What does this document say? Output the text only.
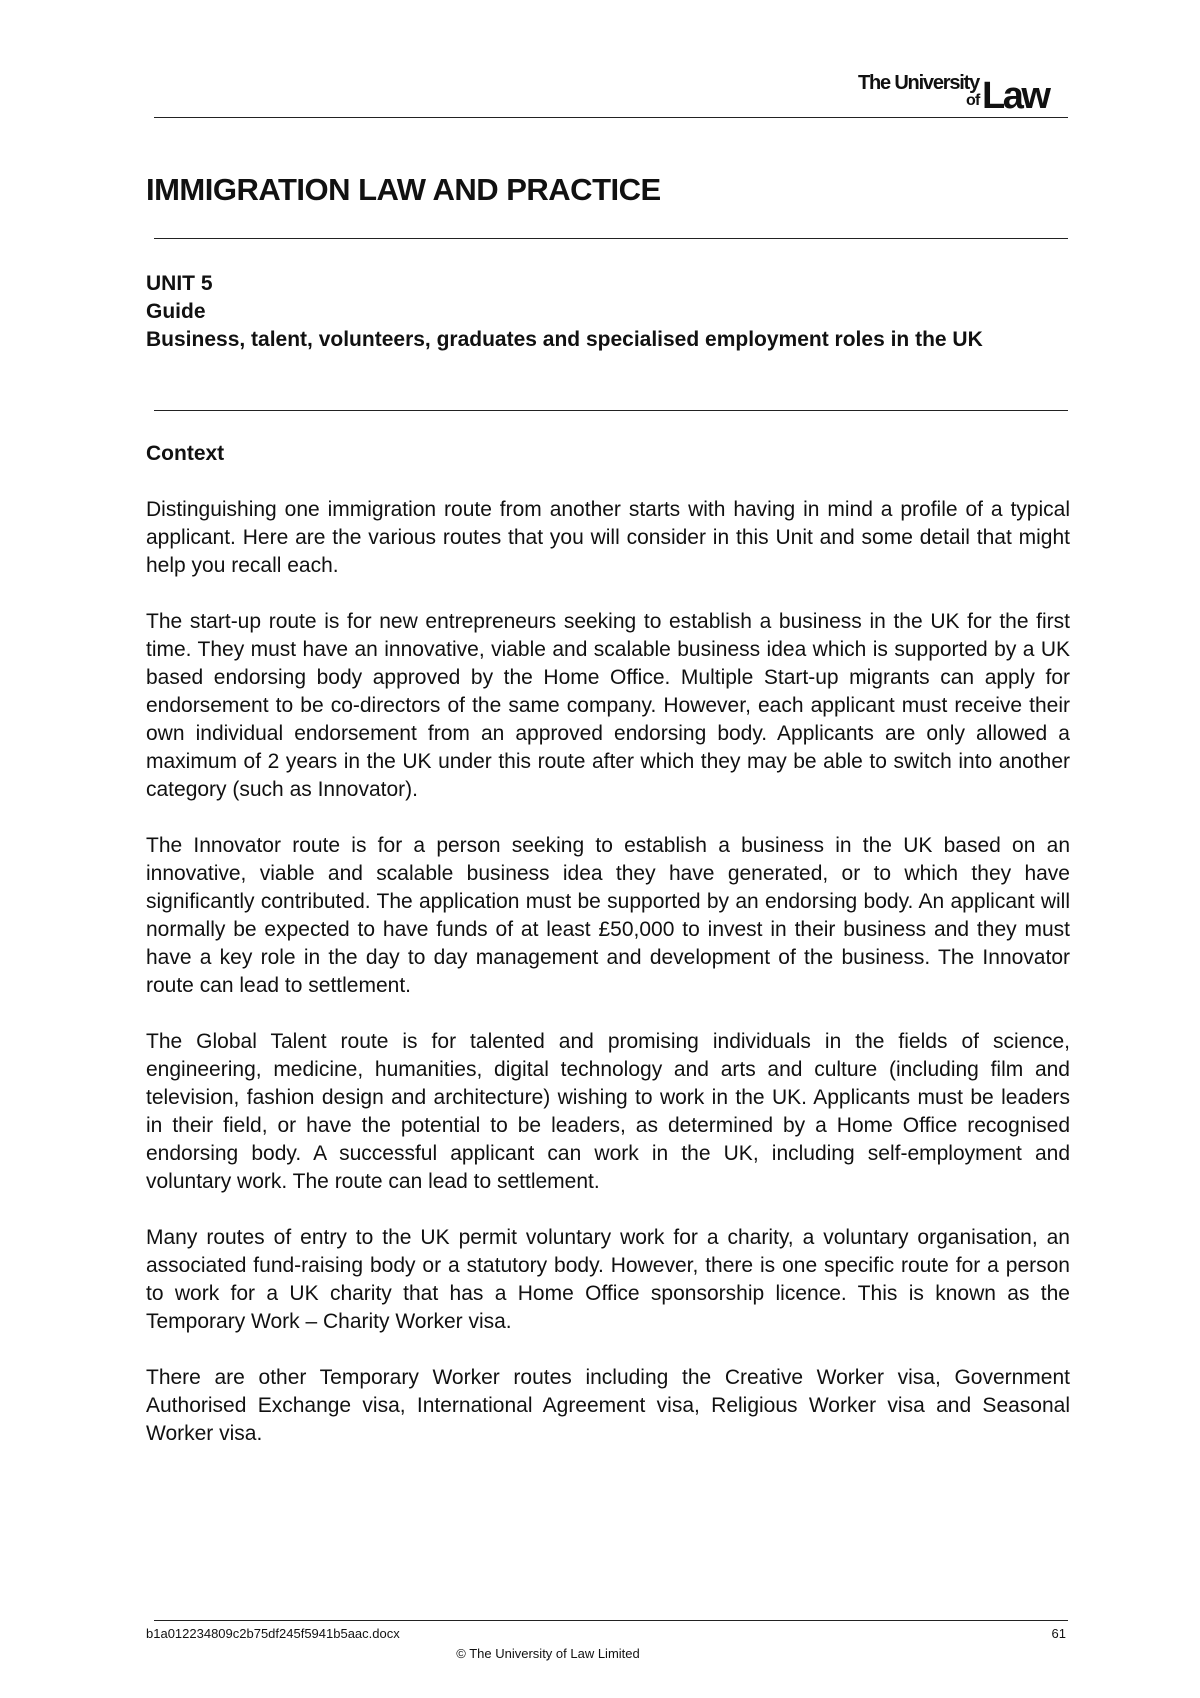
The University
of Law
IMMIGRATION LAW AND PRACTICE
UNIT 5
Guide
Business, talent, volunteers, graduates and specialised employment roles in the UK
Context

Distinguishing one immigration route from another starts with having in mind a profile of a typical applicant. Here are the various routes that you will consider in this Unit and some detail that might help you recall each.

The start-up route is for new entrepreneurs seeking to establish a business in the UK for the first time. They must have an innovative, viable and scalable business idea which is supported by a UK based endorsing body approved by the Home Office. Multiple Start-up migrants can apply for endorsement to be co-directors of the same company. However, each applicant must receive their own individual endorsement from an approved endorsing body. Applicants are only allowed a maximum of 2 years in the UK under this route after which they may be able to switch into another category (such as Innovator).

The Innovator route is for a person seeking to establish a business in the UK based on an innovative, viable and scalable business idea they have generated, or to which they have significantly contributed. The application must be supported by an endorsing body. An applicant will normally be expected to have funds of at least £50,000 to invest in their business and they must have a key role in the day to day management and development of the business. The Innovator route can lead to settlement.

The Global Talent route is for talented and promising individuals in the fields of science, engineering, medicine, humanities, digital technology and arts and culture (including film and television, fashion design and architecture) wishing to work in the UK. Applicants must be leaders in their field, or have the potential to be leaders, as determined by a Home Office recognised endorsing body. A successful applicant can work in the UK, including self-employment and voluntary work. The route can lead to settlement.

Many routes of entry to the UK permit voluntary work for a charity, a voluntary organisation, an associated fund-raising body or a statutory body. However, there is one specific route for a person to work for a UK charity that has a Home Office sponsorship licence. This is known as the Temporary Work – Charity Worker visa.

There are other Temporary Worker routes including the Creative Worker visa, Government Authorised Exchange visa, International Agreement visa, Religious Worker visa and Seasonal Worker visa.

b1a012234809c2b75df245f5941b5aac.docx	61
© The University of Law Limited
